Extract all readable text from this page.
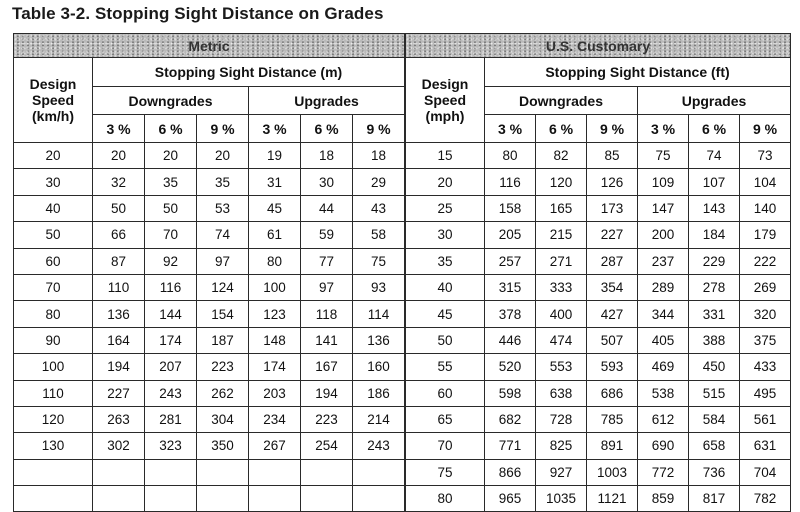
Table 3-2. Stopping Sight Distance on Grades
Metric						

Design
Speed
(km/h)	Stopping Sight Distance (m)					
	Downgrades			Upgrades		
	3 %	6 %	9 %	3 %	6 %	9 %
20	20	20	20	19	18	18
30	32	35	35	31	30	29
40	50	50	53	45	44	43
50	66	70	74	61	59	58
60	87	92	97	80	77	75
70	110	116	124	100	97	93
80	136	144	154	123	118	114
90	164	174	187	148	141	136
100	194	207	223	174	167	160
110	227	243	262	203	194	186
120	263	281	304	234	223	214
130	302	323	350	267	254	243

U.S. Customary						

Design
Speed
(mph)	Stopping Sight Distance (ft)					
	Downgrades			Upgrades		
	3 %	6 %	9 %	3 %	6 %	9 %
15	80	82	85	75	74	73
20	116	120	126	109	107	104
25	158	165	173	147	143	140
30	205	215	227	200	184	179
35	257	271	287	237	229	222
40	315	333	354	289	278	269
45	378	400	427	344	331	320
50	446	474	507	405	388	375
55	520	553	593	469	450	433
60	598	638	686	538	515	495
65	682	728	785	612	584	561
70	771	825	891	690	658	631
75	866	927	1003	772	736	704
80	965	1035	1121	859	817	782
